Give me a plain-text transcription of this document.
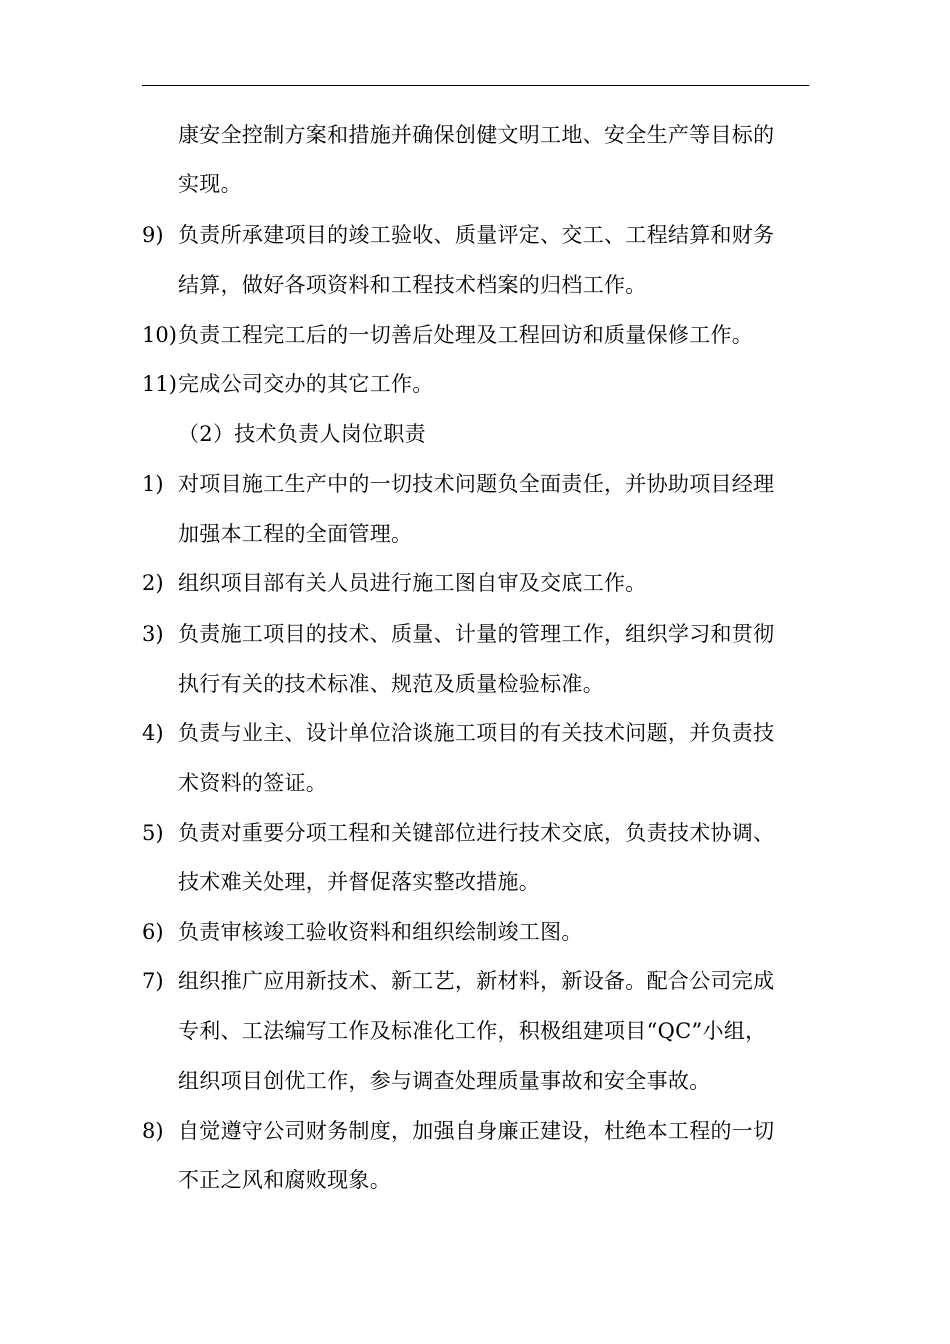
康安全控制方案和措施并确保创健文明工地、安全生产等目标的
实现。
9) 负责所承建项目的竣工验收、质量评定、交工、工程结算和财务
结算，做好各项资料和工程技术档案的归档工作。
10) 负责工程完工后的一切善后处理及工程回访和质量保修工作。
11) 完成公司交办的其它工作。
（2）技术负责人岗位职责
1) 对项目施工生产中的一切技术问题负全面责任，并协助项目经理
加强本工程的全面管理。
2) 组织项目部有关人员进行施工图自审及交底工作。
3) 负责施工项目的技术、质量、计量的管理工作，组织学习和贯彻
执行有关的技术标准、规范及质量检验标准。
4) 负责与业主、设计单位洽谈施工项目的有关技术问题，并负责技
术资料的签证。
5) 负责对重要分项工程和关键部位进行技术交底，负责技术协调、
技术难关处理，并督促落实整改措施。
6) 负责审核竣工验收资料和组织绘制竣工图。
7) 组织推广应用新技术、新工艺，新材料，新设备。配合公司完成
专利、工法编写工作及标准化工作，积极组建项目“QC”小组，
组织项目创优工作，参与调查处理质量事故和安全事故。
8) 自觉遵守公司财务制度，加强自身廉正建设，杜绝本工程的一切
不正之风和腐败现象。
